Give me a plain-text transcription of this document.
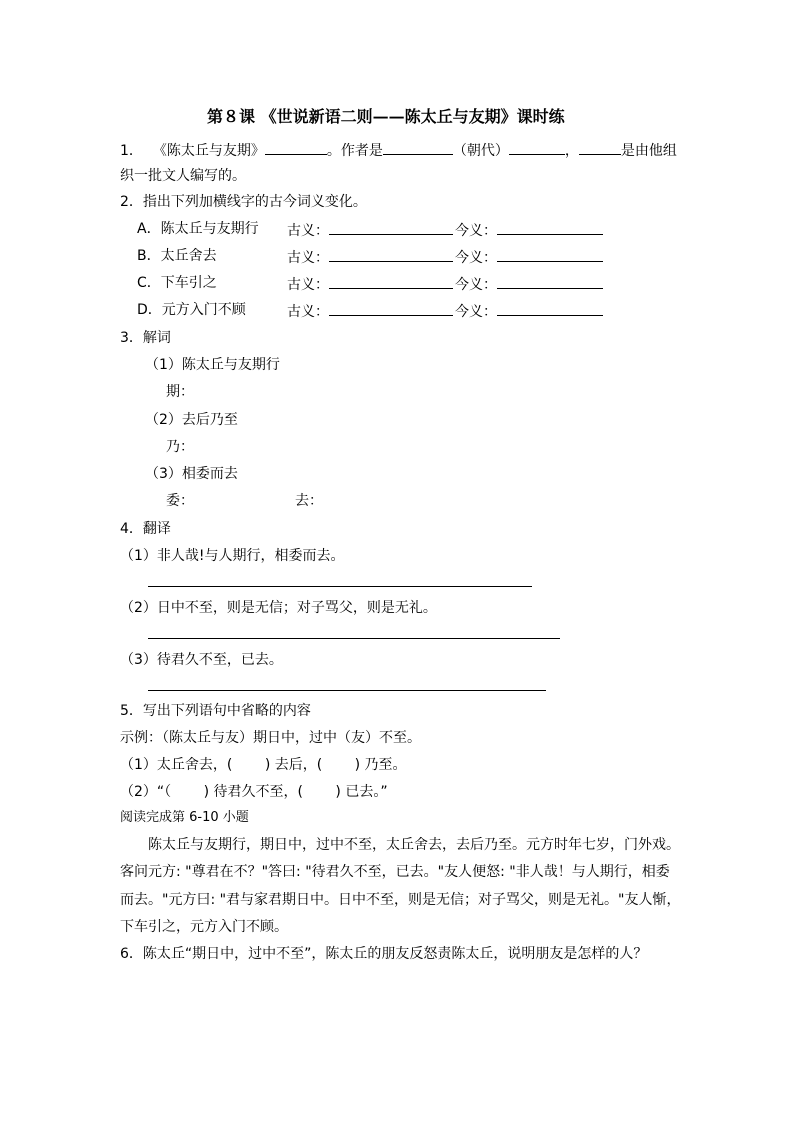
第８课 《世说新语二则——陈太丘与友期》课时练
1． 《陈太丘与友期》	。作者是	（朝代）	，	是由他组
织一批文人编写的。
2．指出下列加横线字的古今词义变化。
A．陈太丘与友期行 古义：	今义：
B．太丘舍去	古义：	今义：
C．下车引之	古义：	今义：
D．元方入门不顾	古义：	今义：
3．解词
（1）陈太丘与友期行
期：
（2）去后乃至
乃：
（3）相委而去
委：	去：
4．翻译
（1）非人哉!与人期行，相委而去。
（2）日中不至，则是无信；对子骂父，则是无礼。
（3）待君久不至，已去。
5．写出下列语句中省略的内容
示例：（陈太丘与友）期日中，过中（友）不至。
（1）太丘舍去，(　　 ) 去后，(　　 ) 乃至。
（2）“（　　 ) 待君久不至，(　　 ) 已去。”
阅读完成第 6-10 小题
陈太丘与友期行，期日中，过中不至，太丘舍去，去后乃至。元方时年七岁，门外戏。
客问元方: "尊君在不？"答曰: "待君久不至，已去。"友人便怒: "非人哉！与人期行，相委
而去。"元方曰: "君与家君期日中。日中不至，则是无信；对子骂父，则是无礼。"友人惭，
下车引之，元方入门不顾。
6．陈太丘“期日中，过中不至”，陈太丘的朋友反怒责陈太丘，说明朋友是怎样的人？
